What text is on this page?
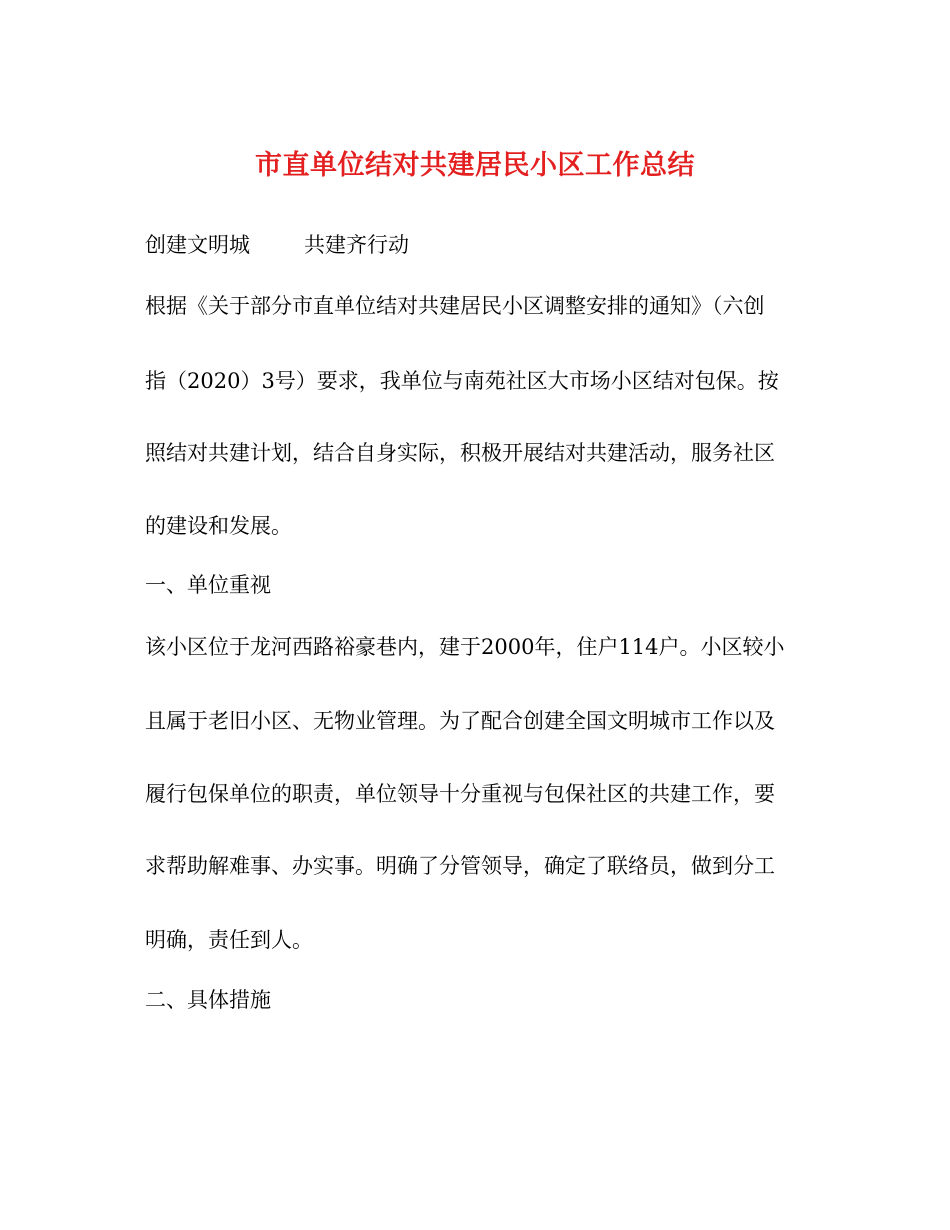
市直单位结对共建居民小区工作总结
创建文明城	共建齐行动
根据《关于部分市直单位结对共建居民小区调整安排的通知》（六创
指（2020）3号）要求，我单位与南苑社区大市场小区结对包保。按
照结对共建计划，结合自身实际，积极开展结对共建活动，服务社区
的建设和发展。
一、单位重视
该小区位于龙河西路裕豪巷内，建于2000年，住户114户。小区较小
且属于老旧小区、无物业管理。为了配合创建全国文明城市工作以及
履行包保单位的职责，单位领导十分重视与包保社区的共建工作，要
求帮助解难事、办实事。明确了分管领导，确定了联络员，做到分工
明确，责任到人。
二、具体措施
